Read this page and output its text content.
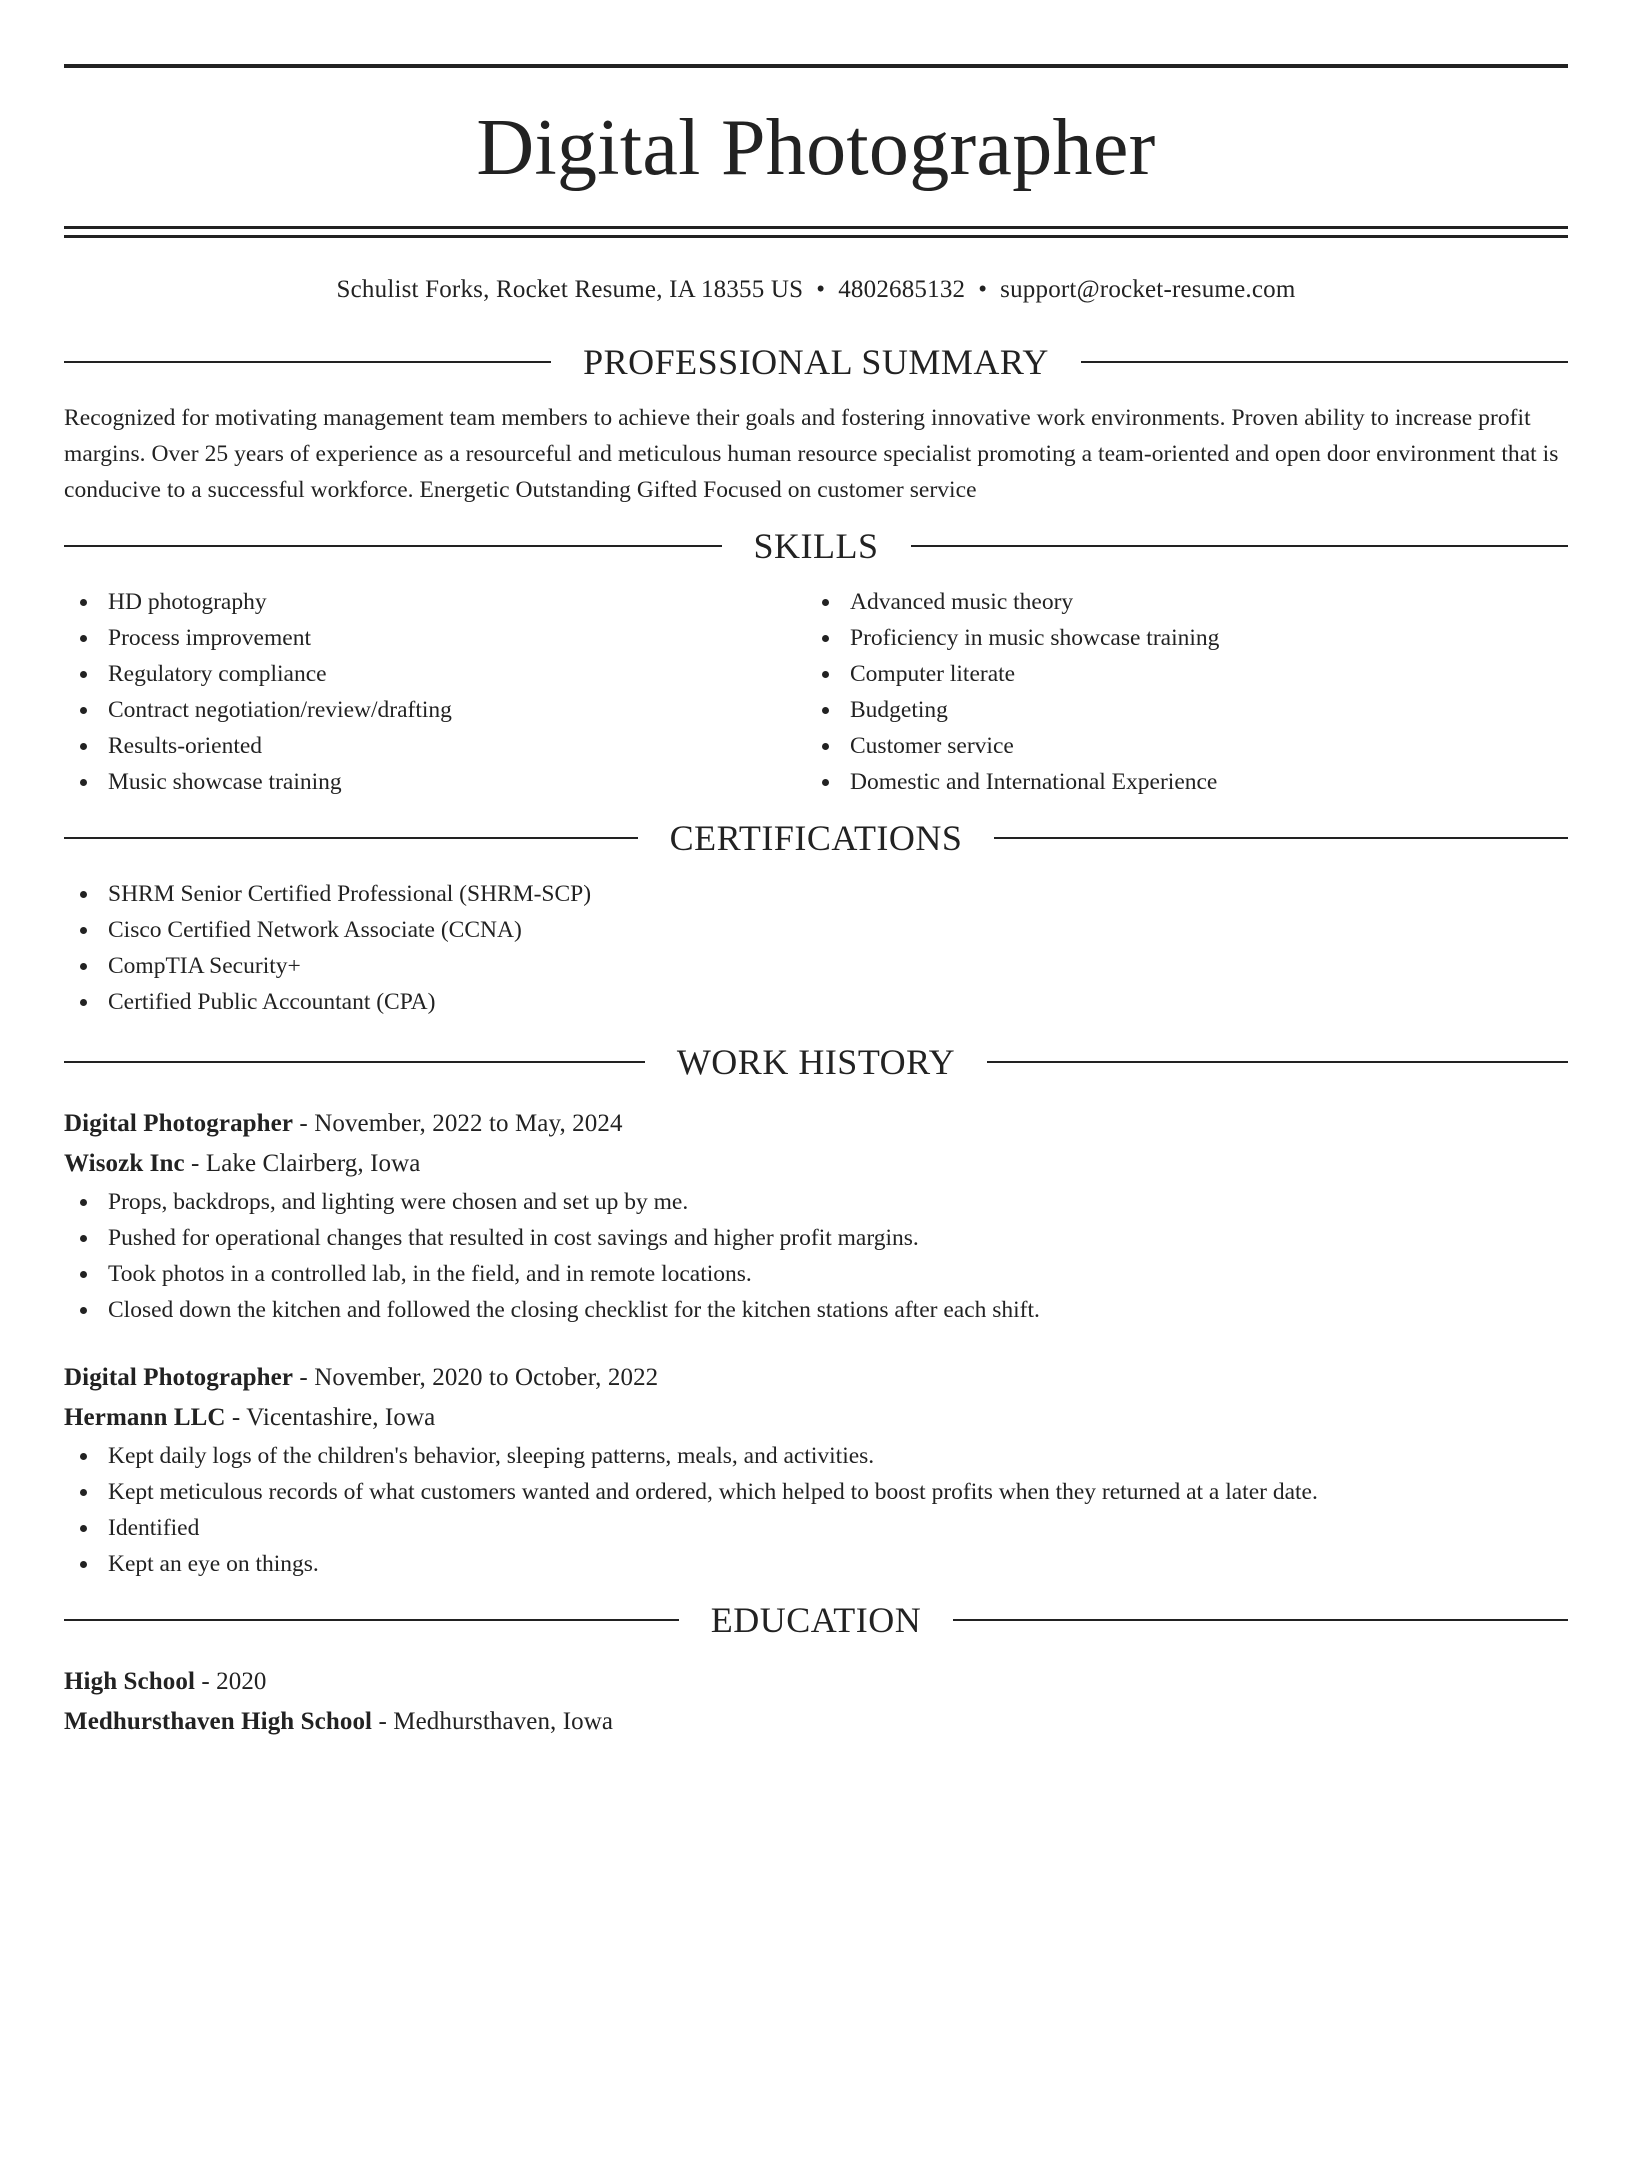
Digital Photographer
Schulist Forks, Rocket Resume, IA 18355 US • 4802685132 • support@rocket-resume.com
PROFESSIONAL SUMMARY

Recognized for motivating management team members to achieve their goals and fostering innovative work environments. Proven ability to increase profit margins. Over 25 years of experience as a resourceful and meticulous human resource specialist promoting a team-oriented and open door environment that is conducive to a successful workforce. Energetic Outstanding Gifted Focused on customer service

SKILLS
HD photography
Process improvement
Regulatory compliance
Contract negotiation/review/drafting
Results-oriented
Music showcase training
Advanced music theory
Proficiency in music showcase training
Computer literate
Budgeting
Customer service
Domestic and International Experience
CERTIFICATIONS
SHRM Senior Certified Professional (SHRM-SCP)
Cisco Certified Network Associate (CCNA)
CompTIA Security+
Certified Public Accountant (CPA)
WORK HISTORY
Digital Photographer - November, 2022 to May, 2024
Wisozk Inc - Lake Clairberg, Iowa
Props, backdrops, and lighting were chosen and set up by me.
Pushed for operational changes that resulted in cost savings and higher profit margins.
Took photos in a controlled lab, in the field, and in remote locations.
Closed down the kitchen and followed the closing checklist for the kitchen stations after each shift.
Digital Photographer - November, 2020 to October, 2022
Hermann LLC - Vicentashire, Iowa
Kept daily logs of the children's behavior, sleeping patterns, meals, and activities.
Kept meticulous records of what customers wanted and ordered, which helped to boost profits when they returned at a later date.
Identified
Kept an eye on things.
EDUCATION
High School - 2020
Medhursthaven High School - Medhursthaven, Iowa
